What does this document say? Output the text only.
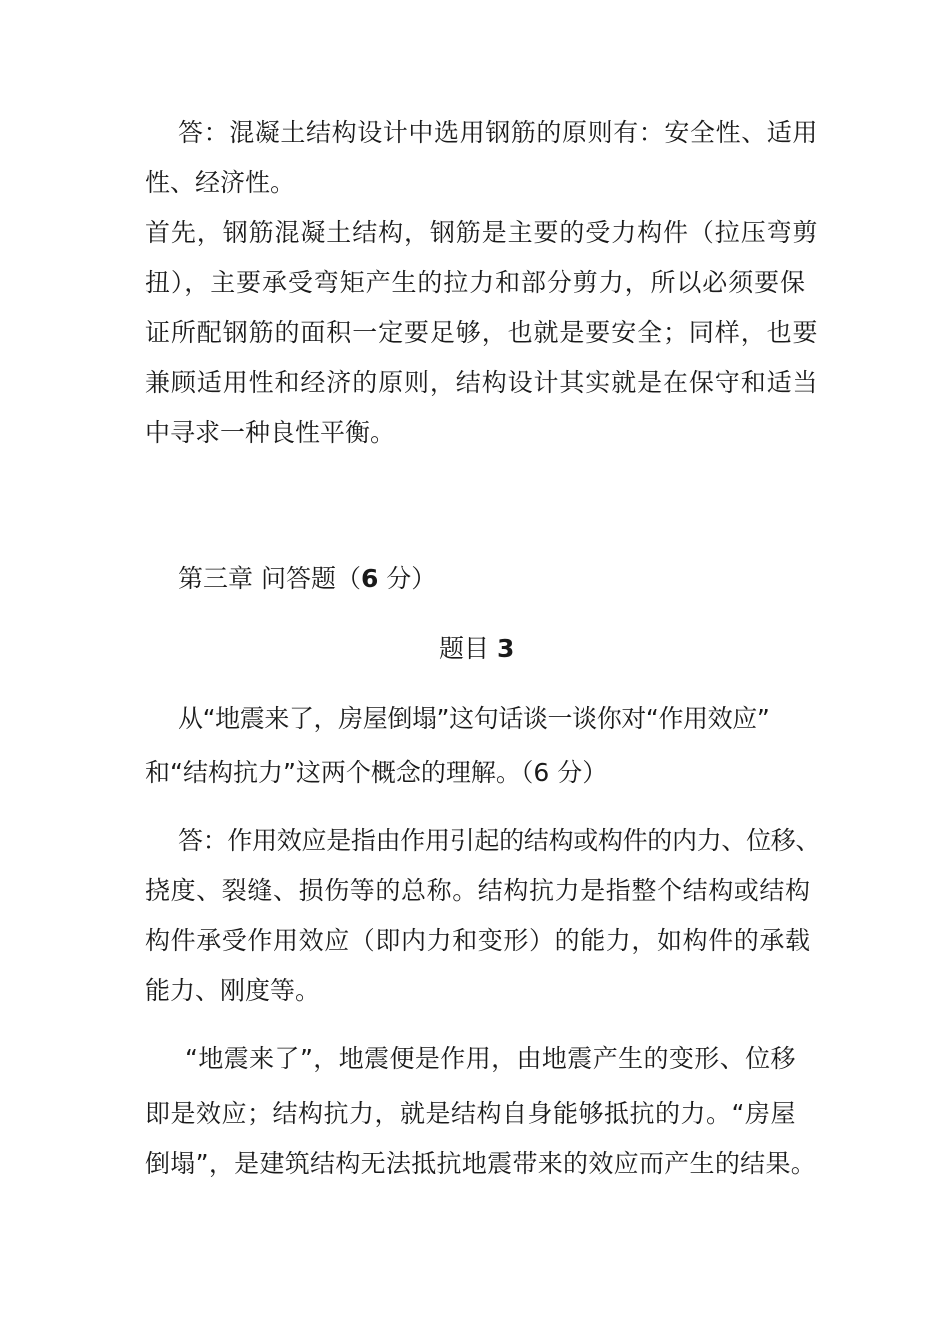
答：混凝土结构设计中选用钢筋的原则有：安全性、适用
性、经济性。
首先，钢筋混凝土结构，钢筋是主要的受力构件（拉压弯剪
扭），主要承受弯矩产生的拉力和部分剪力，所以必须要保
证所配钢筋的面积一定要足够，也就是要安全；同样，也要
兼顾适用性和经济的原则，结构设计其实就是在保守和适当
中寻求一种良性平衡。
第三章 问答题（6 分）
题目 3
从“地震来了，房屋倒塌”这句话谈一谈你对“作用效应”
和“结构抗力”这两个概念的理解。（6 分）
答：作用效应是指由作用引起的结构或构件的内力、位移、
挠度、裂缝、损伤等的总称。结构抗力是指整个结构或结构
构件承受作用效应（即内力和变形）的能力，如构件的承载
能力、刚度等。
“地震来了”，地震便是作用，由地震产生的变形、位移
即是效应；结构抗力，就是结构自身能够抵抗的力。“房屋
倒塌”，是建筑结构无法抵抗地震带来的效应而产生的结果。
